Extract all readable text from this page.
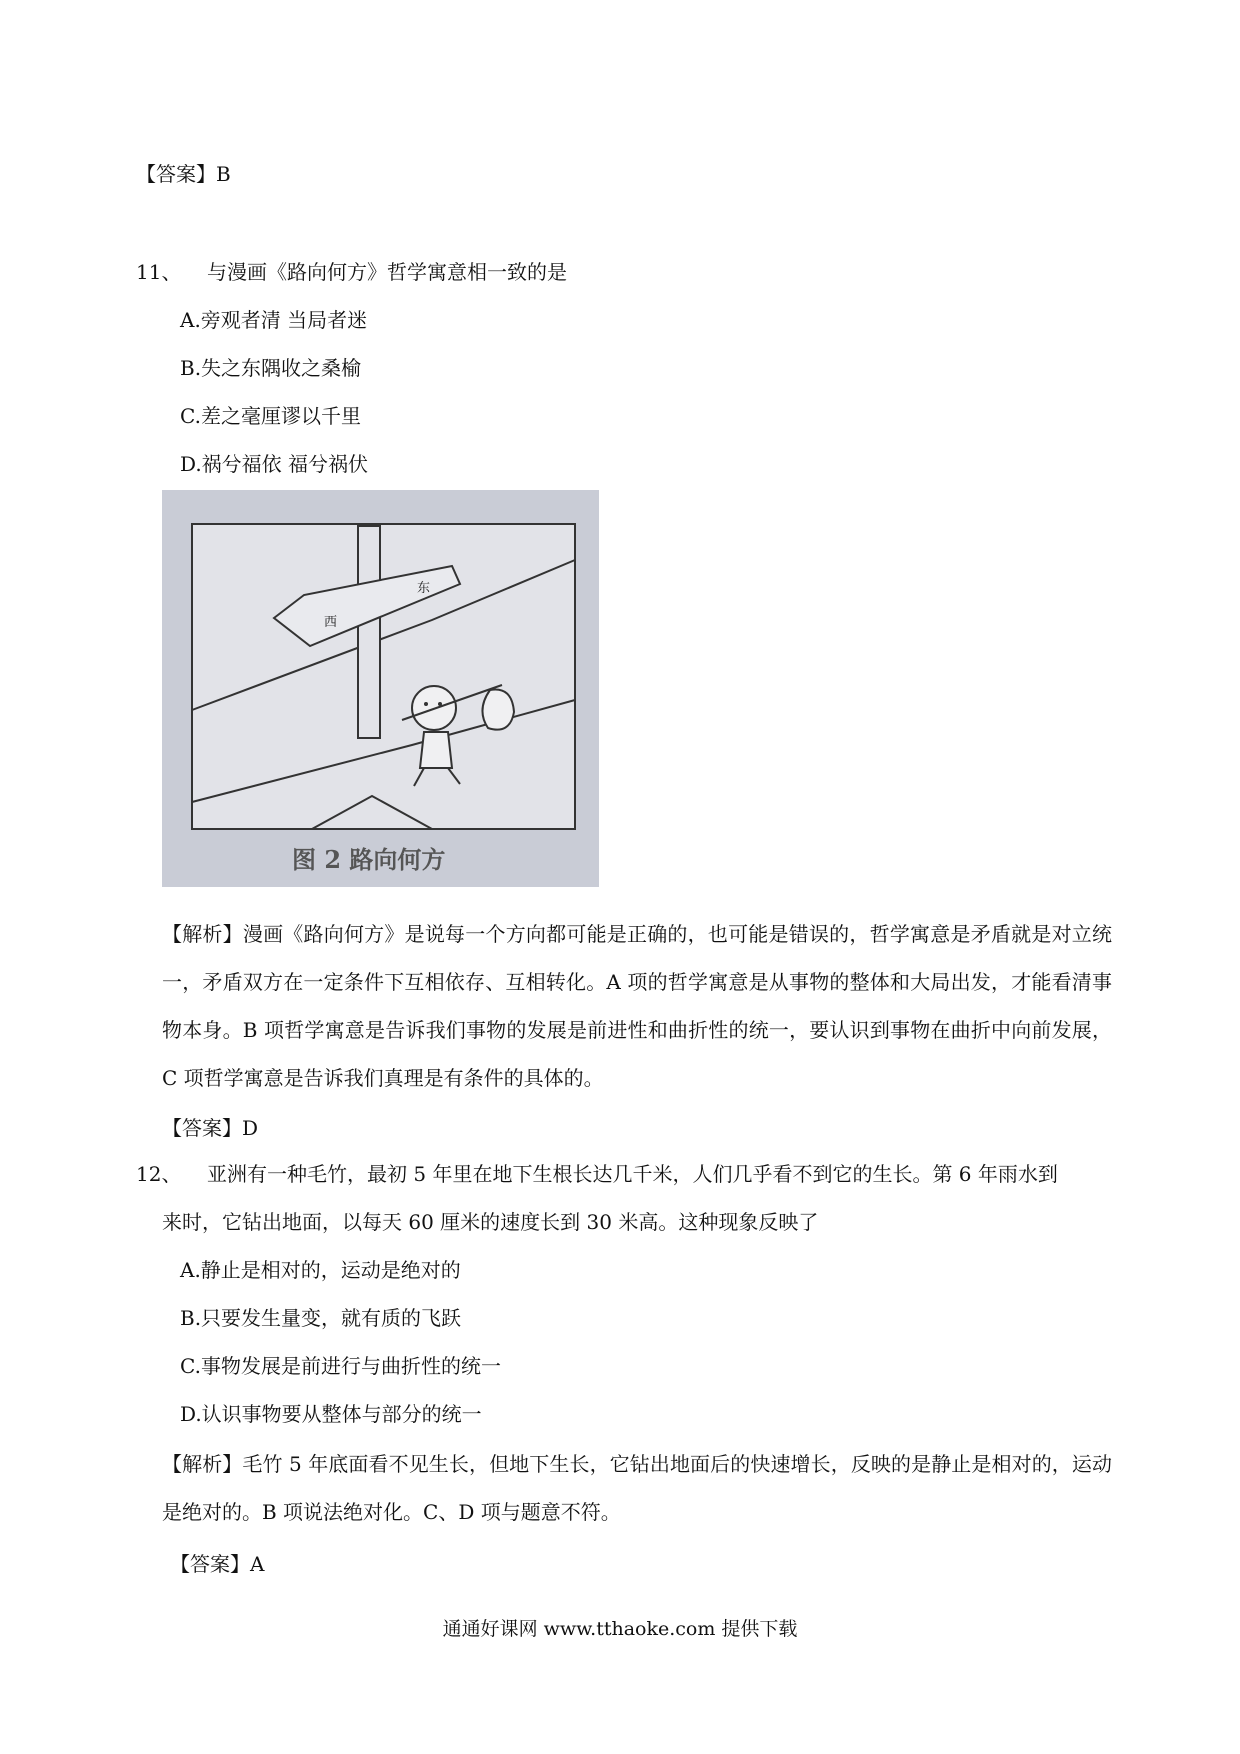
【答案】B
11、 与漫画《路向何方》哲学寓意相一致的是
A.旁观者清 当局者迷
B.失之东隅收之桑榆
C.差之毫厘谬以千里
D.祸兮福依 福兮祸伏
西
东
图 2 路向何方
【解析】漫画《路向何方》是说每一个方向都可能是正确的，也可能是错误的，哲学寓意是矛盾就是对立统一，矛盾双方在一定条件下互相依存、互相转化。A 项的哲学寓意是从事物的整体和大局出发，才能看清事物本身。B 项哲学寓意是告诉我们事物的发展是前进性和曲折性的统一，要认识到事物在曲折中向前发展，C 项哲学寓意是告诉我们真理是有条件的具体的。
【答案】D
12、 亚洲有一种毛竹，最初 5 年里在地下生根长达几千米，人们几乎看不到它的生长。第 6 年雨水到
来时，它钻出地面，以每天 60 厘米的速度长到 30 米高。这种现象反映了
A.静止是相对的，运动是绝对的
B.只要发生量变，就有质的飞跃
C.事物发展是前进行与曲折性的统一
D.认识事物要从整体与部分的统一
【解析】毛竹 5 年底面看不见生长，但地下生长，它钻出地面后的快速增长，反映的是静止是相对的，运动是绝对的。B 项说法绝对化。C、D 项与题意不符。
【答案】A
通通好课网 www.tthaoke.com 提供下载
